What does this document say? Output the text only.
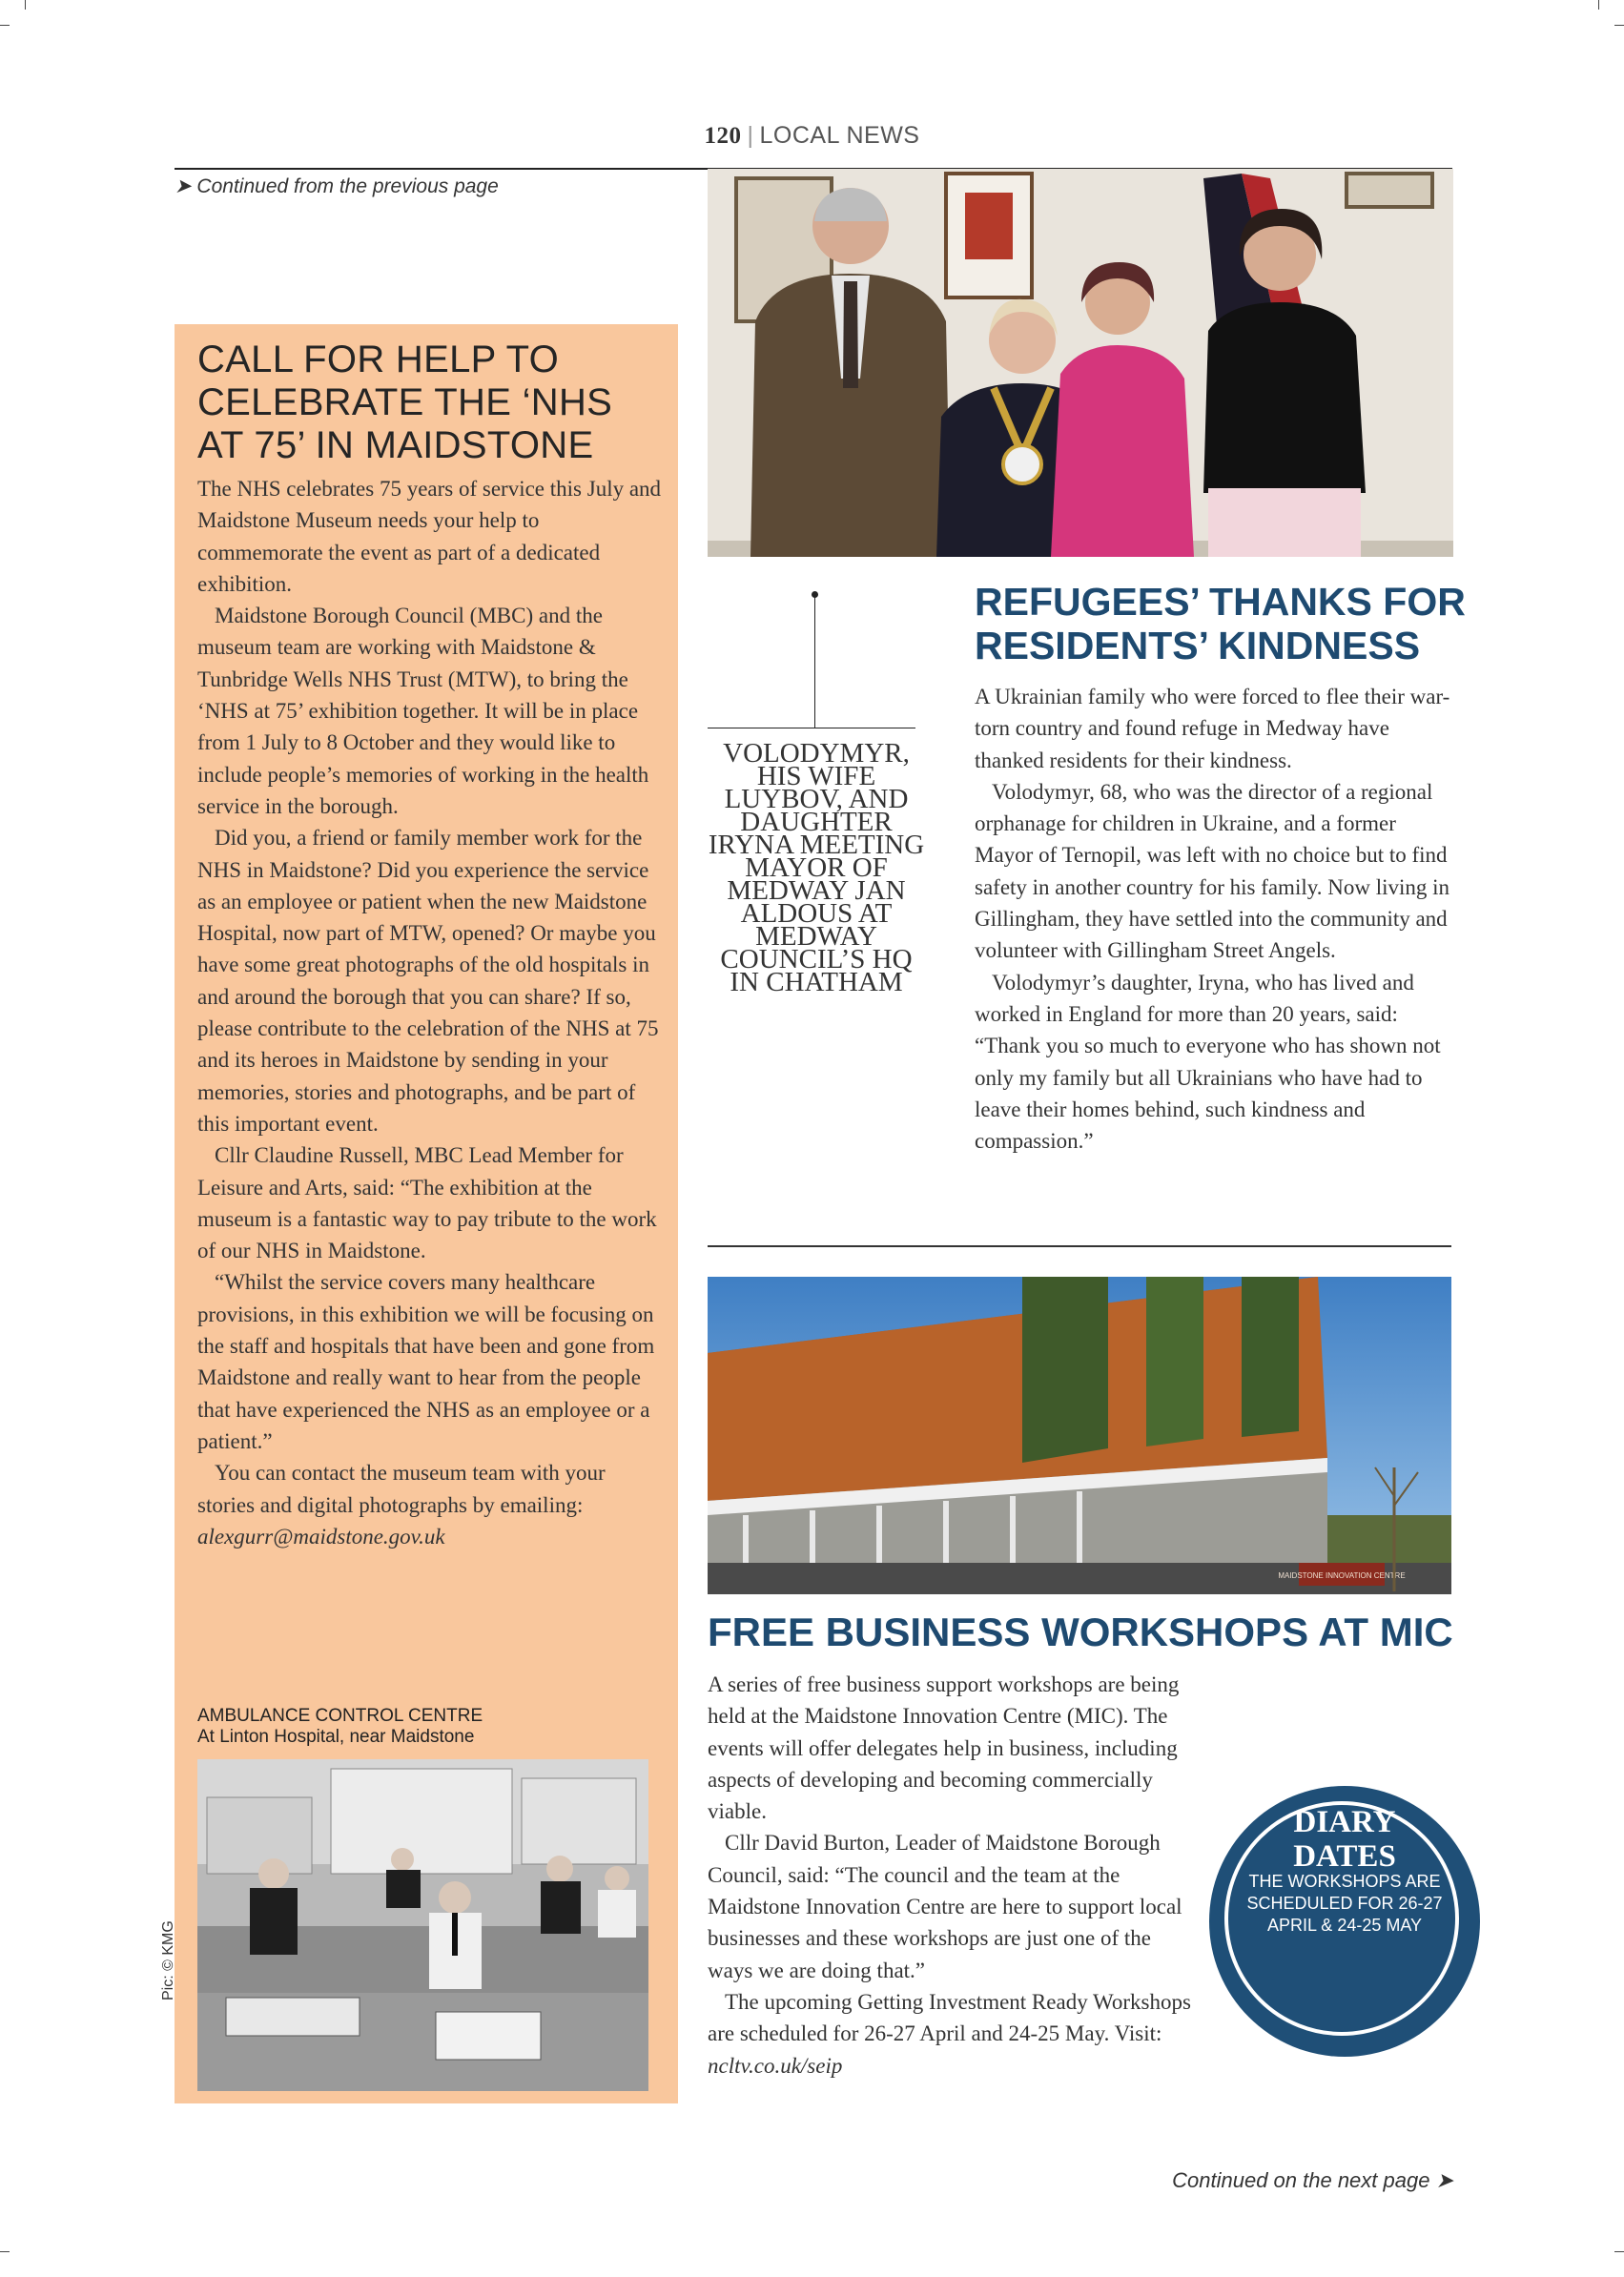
120 | LOCAL NEWS
➤ Continued from the previous page
CALL FOR HELP TO CELEBRATE THE ‘NHS AT 75’ IN MAIDSTONE

The NHS celebrates 75 years of service this July and Maidstone Museum needs your help to commemorate the event as part of a dedicated exhibition.

Maidstone Borough Council (MBC) and the museum team are working with Maidstone & Tunbridge Wells NHS Trust (MTW), to bring the ‘NHS at 75’ exhibition together. It will be in place from 1 July to 8 October and they would like to include people’s memories of working in the health service in the borough.

Did you, a friend or family member work for the NHS in Maidstone? Did you experience the service as an employee or patient when the new Maidstone Hospital, now part of MTW, opened? Or maybe you have some great photographs of the old hospitals in and around the borough that you can share? If so, please contribute to the celebration of the NHS at 75 and its heroes in Maidstone by sending in your memories, stories and photographs, and be part of this important event.

Cllr Claudine Russell, MBC Lead Member for Leisure and Arts, said: “The exhibition at the museum is a fantastic way to pay tribute to the work of our NHS in Maidstone.

“Whilst the service covers many healthcare provisions, in this exhibition we will be focusing on the staff and hospitals that have been and gone from Maidstone and really want to hear from the people that have experienced the NHS as an employee or a patient.”

You can contact the museum team with your stories and digital photographs by emailing: alexgurr@maidstone.gov.uk

AMBULANCE CONTROL CENTRE
At Linton Hospital, near Maidstone
Pic: © KMG
VOLODYMYR, HIS WIFE LUYBOV, AND DAUGHTER IRYNA MEETING MAYOR OF MEDWAY JAN ALDOUS AT MEDWAY COUNCIL’S HQ IN CHATHAM
REFUGEES’ THANKS FOR RESIDENTS’ KINDNESS

A Ukrainian family who were forced to flee their war-torn country and found refuge in Medway have thanked residents for their kindness.

Volodymyr, 68, who was the director of a regional orphanage for children in Ukraine, and a former Mayor of Ternopil, was left with no choice but to find safety in another country for his family. Now living in Gillingham, they have settled into the community and volunteer with Gillingham Street Angels.

Volodymyr’s daughter, Iryna, who has lived and worked in England for more than 20 years, said: “Thank you so much to everyone who has shown not only my family but all Ukrainians who have had to leave their homes behind, such kindness and compassion.”

MAIDSTONE INNOVATION CENTRE
FREE BUSINESS WORKSHOPS AT MIC

A series of free business support workshops are being held at the Maidstone Innovation Centre (MIC). The events will offer delegates help in business, including aspects of developing and becoming commercially viable.

Cllr David Burton, Leader of Maidstone Borough Council, said: “The council and the team at the Maidstone Innovation Centre are here to support local businesses and these workshops are just one of the ways we are doing that.”

The upcoming Getting Investment Ready Workshops are scheduled for 26-27 April and 24-25 May. Visit: ncltv.co.uk/seip

DIARY
DATES
THE WORKSHOPS ARE SCHEDULED FOR 26-27 APRIL & 24-25 MAY
Continued on the next page ➤
